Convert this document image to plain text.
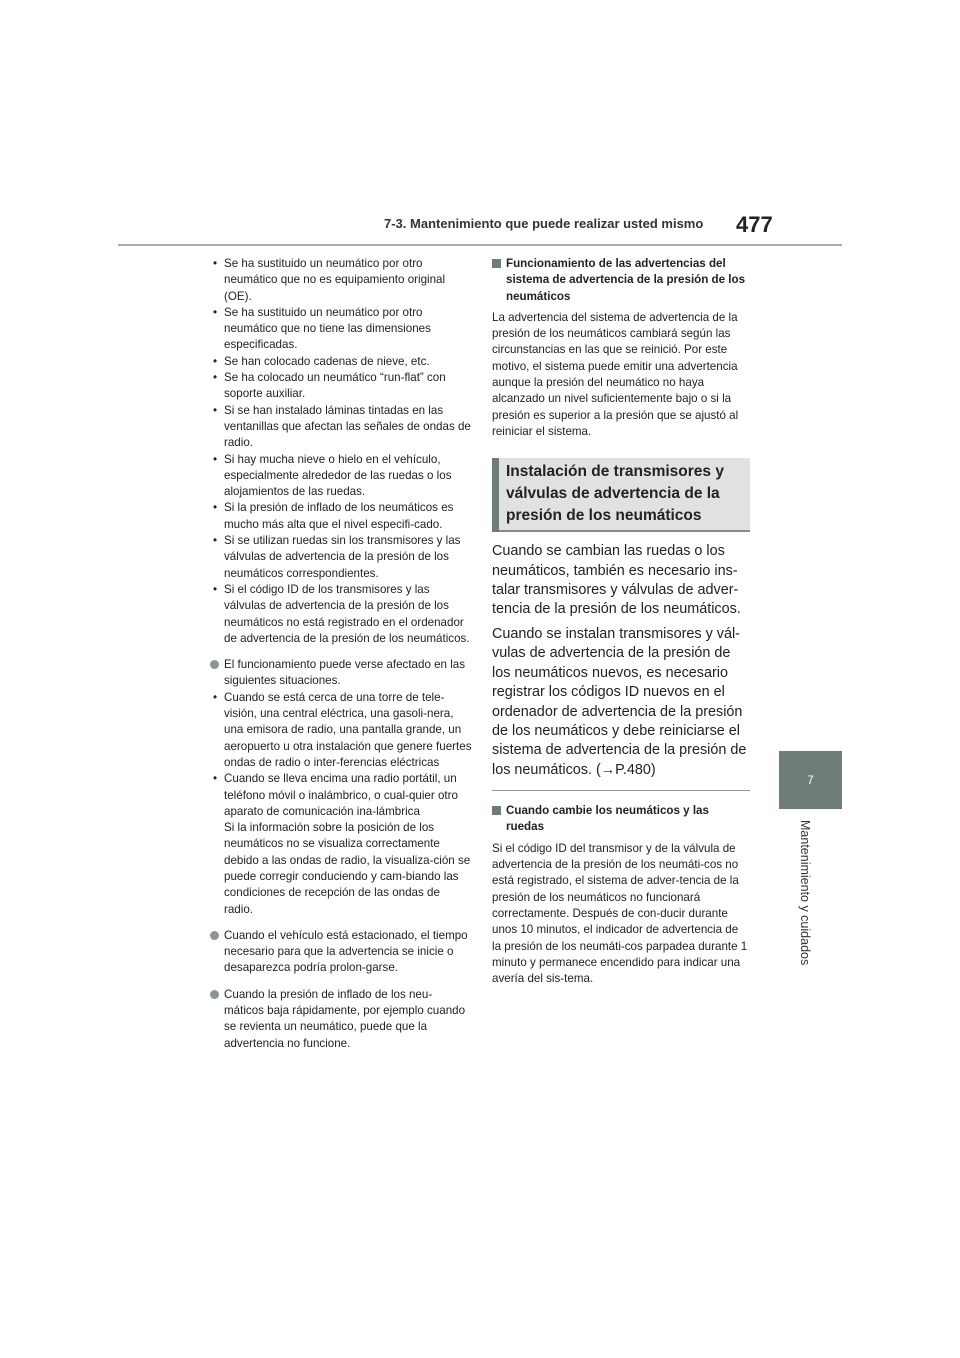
7-3. Mantenimiento que puede realizar usted mismo 477
7
Mantenimiento y cuidados

• Se ha sustituido un neumático por otro neumático que no es equipamiento original (OE).

• Se ha sustituido un neumático por otro neumático que no tiene las dimensiones especificadas.

• Se han colocado cadenas de nieve, etc.

• Se ha colocado un neumático “run-flat” con soporte auxiliar.

• Si se han instalado láminas tintadas en las ventanillas que afectan las señales de ondas de radio.

• Si hay mucha nieve o hielo en el vehículo, especialmente alrededor de las ruedas o los alojamientos de las ruedas.

• Si la presión de inflado de los neumáticos es mucho más alta que el nivel especifi-cado.

• Si se utilizan ruedas sin los transmisores y las válvulas de advertencia de la presión de los neumáticos correspondientes.

• Si el código ID de los transmisores y las válvulas de advertencia de la presión de los neumáticos no está registrado en el ordenador de advertencia de la presión de los neumáticos.

El funcionamiento puede verse afectado en las siguientes situaciones.

• Cuando se está cerca de una torre de tele-visión, una central eléctrica, una gasoli-nera, una emisora de radio, una pantalla grande, un aeropuerto u otra instalación que genere fuertes ondas de radio o inter-ferencias eléctricas

• Cuando se lleva encima una radio portátil, un teléfono móvil o inalámbrico, o cual-quier otro aparato de comunicación ina-lámbrica

Si la información sobre la posición de los neumáticos no se visualiza correctamente debido a las ondas de radio, la visualiza-ción se puede corregir conduciendo y cam-biando las condiciones de recepción de las ondas de radio.

Cuando el vehículo está estacionado, el tiempo necesario para que la advertencia se inicie o desaparezca podría prolon-garse.
Cuando la presión de inflado de los neu-máticos baja rápidamente, por ejemplo cuando se revienta un neumático, puede que la advertencia no funcione.
Funcionamiento de las advertencias del sistema de advertencia de la presión de los neumáticos

La advertencia del sistema de advertencia de la presión de los neumáticos cambiará según las circunstancias en las que se reinició. Por este motivo, el sistema puede emitir una advertencia aunque la presión del neumático no haya alcanzado un nivel suficientemente bajo o si la presión es superior a la presión que se ajustó al reiniciar el sistema.

Instalación de transmisores y válvulas de advertencia de la presión de los neumáticos

Cuando se cambian las ruedas o los neumáticos, también es necesario ins-talar transmisores y válvulas de adver-tencia de la presión de los neumáticos.

Cuando se instalan transmisores y vál-vulas de advertencia de la presión de los neumáticos nuevos, es necesario registrar los códigos ID nuevos en el ordenador de advertencia de la presión de los neumáticos y debe reiniciarse el sistema de advertencia de la presión de los neumáticos. (→P.480)

Cuando cambie los neumáticos y las ruedas

Si el código ID del transmisor y de la válvula de advertencia de la presión de los neumáti-cos no está registrado, el sistema de adver-tencia de la presión de los neumáticos no funcionará correctamente. Después de con-ducir durante unos 10 minutos, el indicador de advertencia de la presión de los neumáti-cos parpadea durante 1 minuto y permanece encendido para indicar una avería del sis-tema.
